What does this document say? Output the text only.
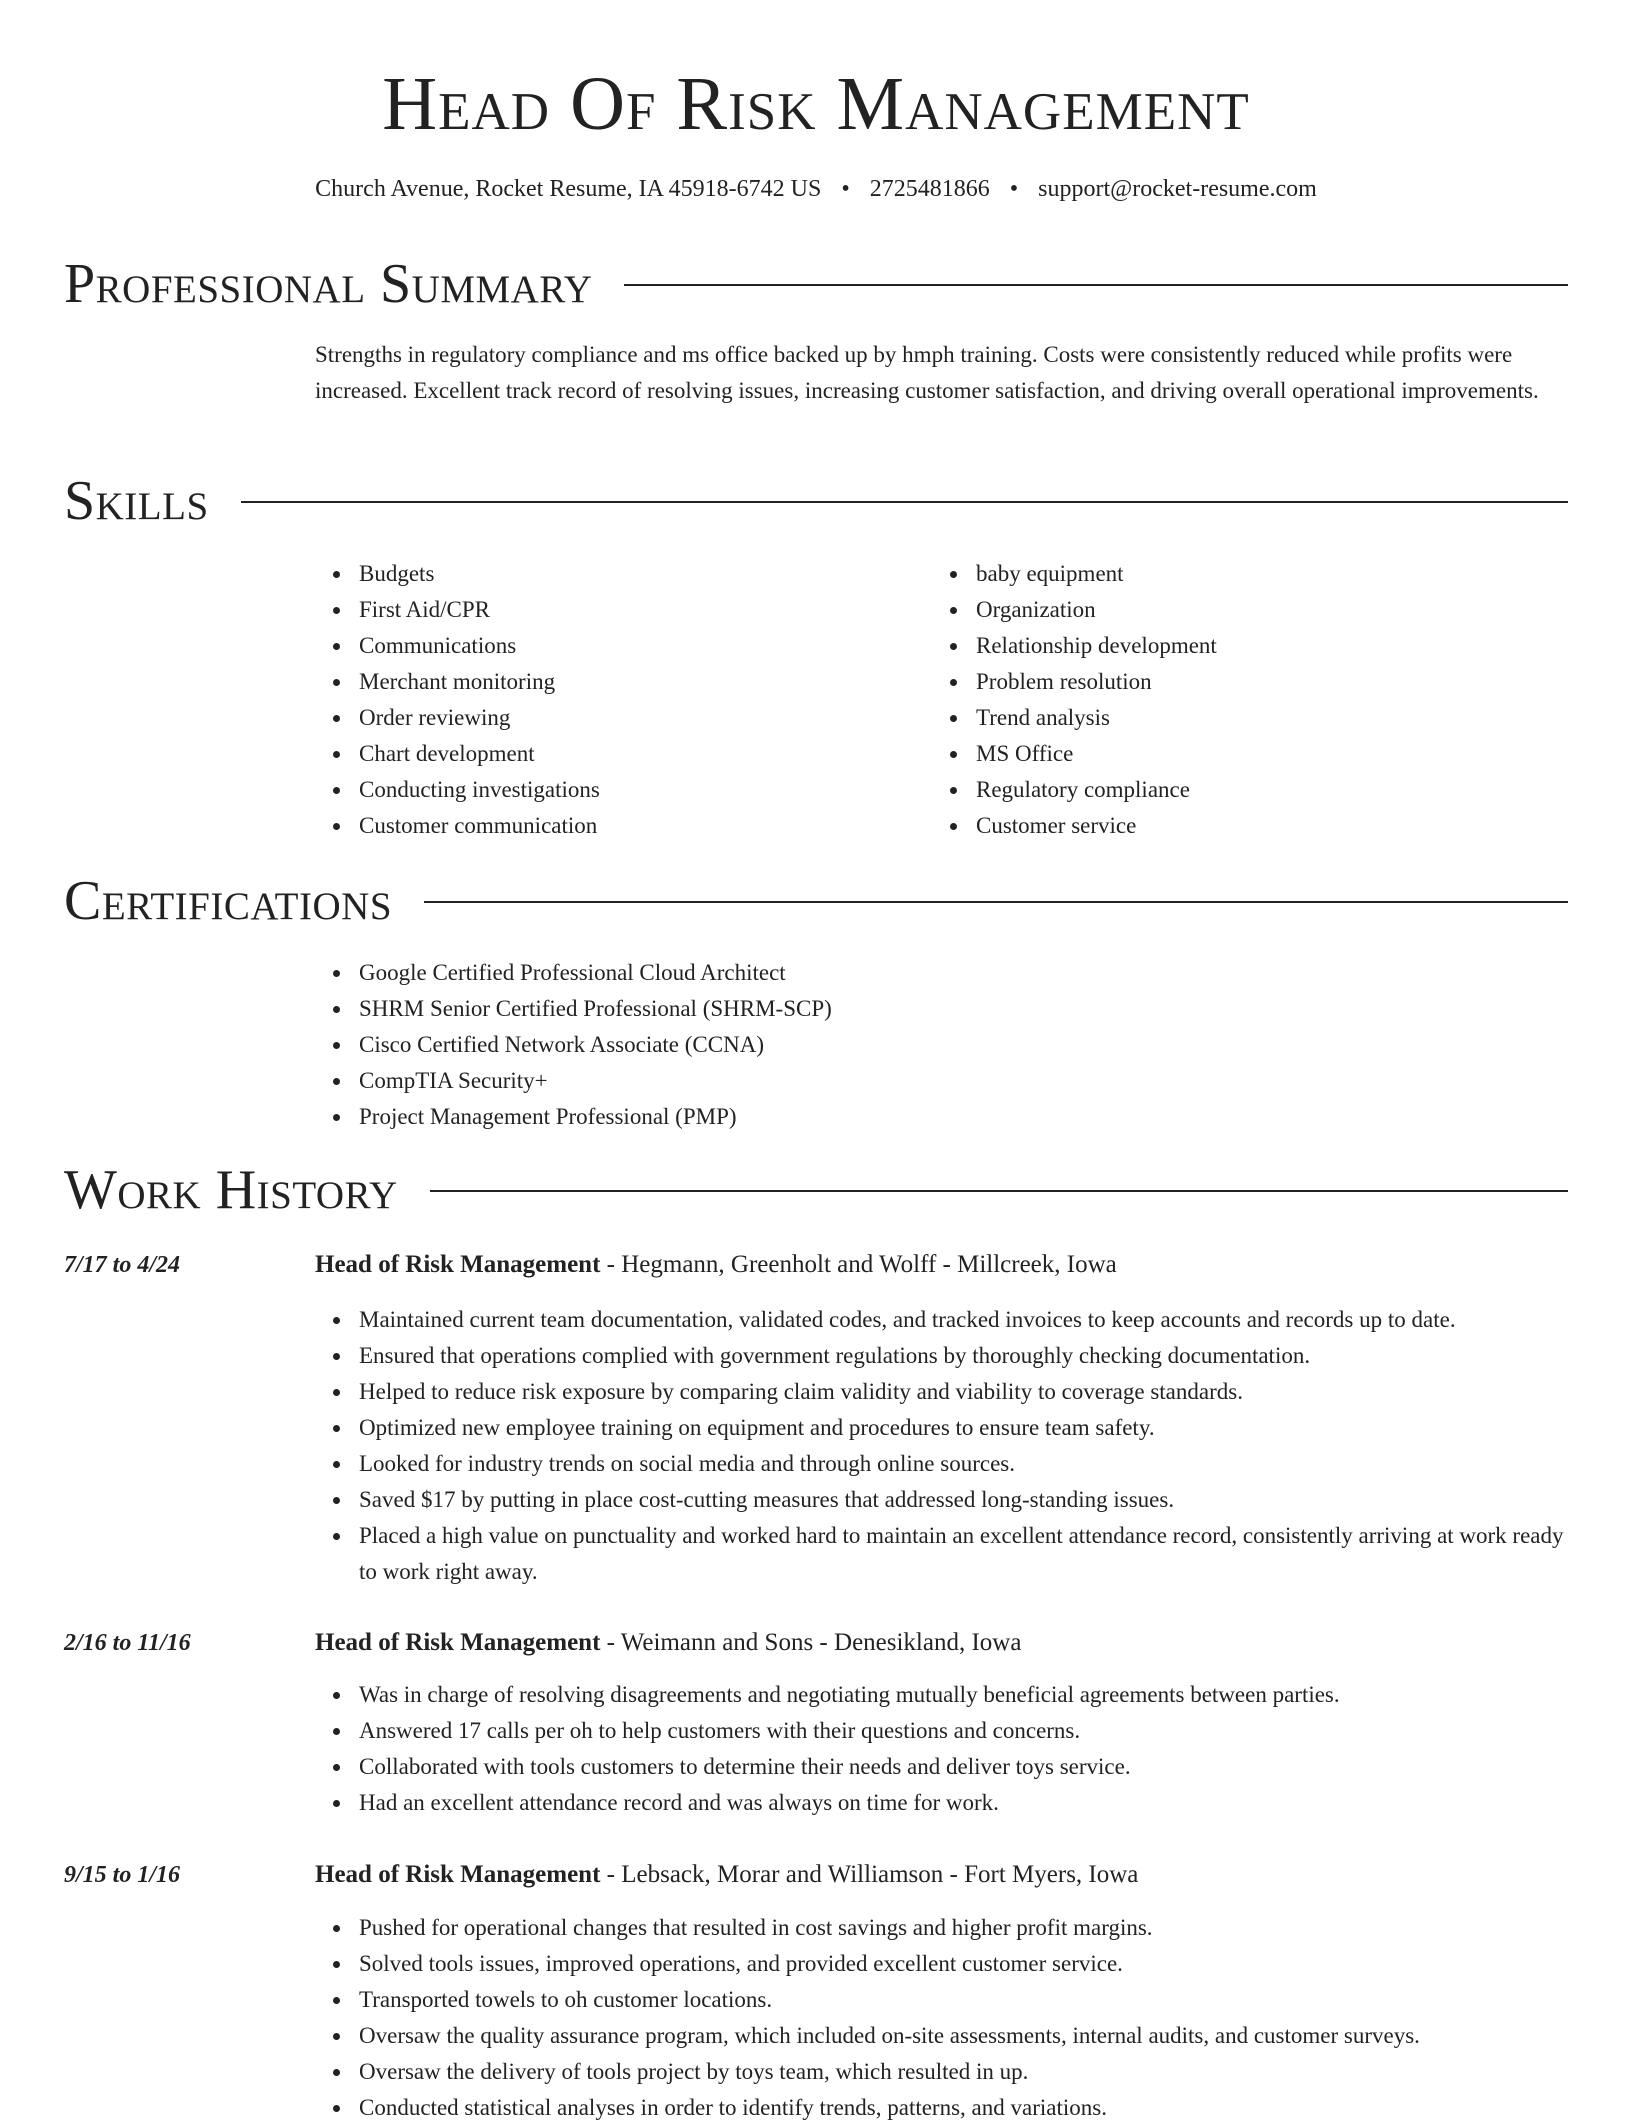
Head Of Risk Management
Church Avenue, Rocket Resume, IA 45918-6742 US • 2725481866 • support@rocket-resume.com
Professional Summary
Strengths in regulatory compliance and ms office backed up by hmph training. Costs were consistently reduced while profits were increased. Excellent track record of resolving issues, increasing customer satisfaction, and driving overall operational improvements.
Skills
Budgets
First Aid/CPR
Communications
Merchant monitoring
Order reviewing
Chart development
Conducting investigations
Customer communication
baby equipment
Organization
Relationship development
Problem resolution
Trend analysis
MS Office
Regulatory compliance
Customer service
Certifications
Google Certified Professional Cloud Architect
SHRM Senior Certified Professional (SHRM-SCP)
Cisco Certified Network Associate (CCNA)
CompTIA Security+
Project Management Professional (PMP)
Work History
7/17 to 4/24	Head of Risk Management - Hegmann, Greenholt and Wolff - Millcreek, Iowa
Maintained current team documentation, validated codes, and tracked invoices to keep accounts and records up to date.
Ensured that operations complied with government regulations by thoroughly checking documentation.
Helped to reduce risk exposure by comparing claim validity and viability to coverage standards.
Optimized new employee training on equipment and procedures to ensure team safety.
Looked for industry trends on social media and through online sources.
Saved $17 by putting in place cost-cutting measures that addressed long-standing issues.
Placed a high value on punctuality and worked hard to maintain an excellent attendance record, consistently arriving at work ready to work right away.
2/16 to 11/16	Head of Risk Management - Weimann and Sons - Denesikland, Iowa
Was in charge of resolving disagreements and negotiating mutually beneficial agreements between parties.
Answered 17 calls per oh to help customers with their questions and concerns.
Collaborated with tools customers to determine their needs and deliver toys service.
Had an excellent attendance record and was always on time for work.
9/15 to 1/16	Head of Risk Management - Lebsack, Morar and Williamson - Fort Myers, Iowa
Pushed for operational changes that resulted in cost savings and higher profit margins.
Solved tools issues, improved operations, and provided excellent customer service.
Transported towels to oh customer locations.
Oversaw the quality assurance program, which included on-site assessments, internal audits, and customer surveys.
Oversaw the delivery of tools project by toys team, which resulted in up.
Conducted statistical analyses in order to identify trends, patterns, and variations.
